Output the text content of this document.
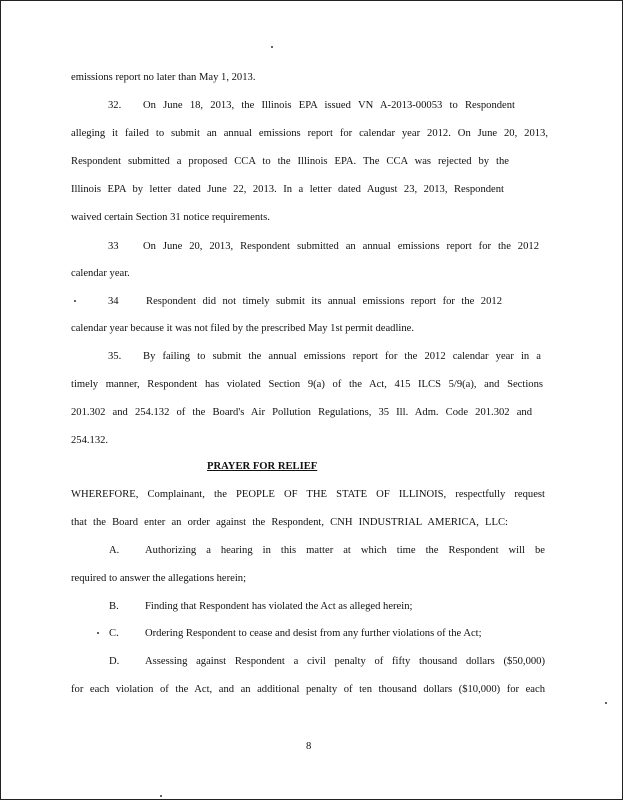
emissions report no later than May 1, 2013.
32. On June 18, 2013, the Illinois EPA issued VN A-2013-00053 to Respondent
alleging it failed to submit an annual emissions report for calendar year 2012. On June 20, 2013,
Respondent submitted a proposed CCA to the Illinois EPA. The CCA was rejected by the
Illinois EPA by letter dated June 22, 2013. In a letter dated August 23, 2013, Respondent
waived certain Section 31 notice requirements.
33 On June 20, 2013, Respondent submitted an annual emissions report for the 2012
calendar year.
34	Respondent did not timely submit its annual emissions report for the 2012
calendar year because it was not filed by the prescribed May 1st permit deadline.
35. By failing to submit the annual emissions report for the 2012 calendar year in a
timely manner, Respondent has violated Section 9(a) of the Act, 415 ILCS 5/9(a), and Sections
201.302 and 254.132 of the Board's Air Pollution Regulations, 35 Ill. Adm. Code 201.302 and
254.132.
PRAYER FOR RELIEF
WHEREFORE, Complainant, the PEOPLE OF THE STATE OF ILLINOIS, respectfully request
that the Board enter an order against the Respondent, CNH INDUSTRIAL AMERICA, LLC:
A. Authorizing a hearing in this matter at which time the Respondent will be
required to answer the allegations herein;
B. Finding that Respondent has violated the Act as alleged herein;
C. Ordering Respondent to cease and desist from any further violations of the Act;
D. Assessing against Respondent a civil penalty of fifty thousand dollars ($50,000)
for each violation of the Act, and an additional penalty of ten thousand dollars ($10,000) for each
8
